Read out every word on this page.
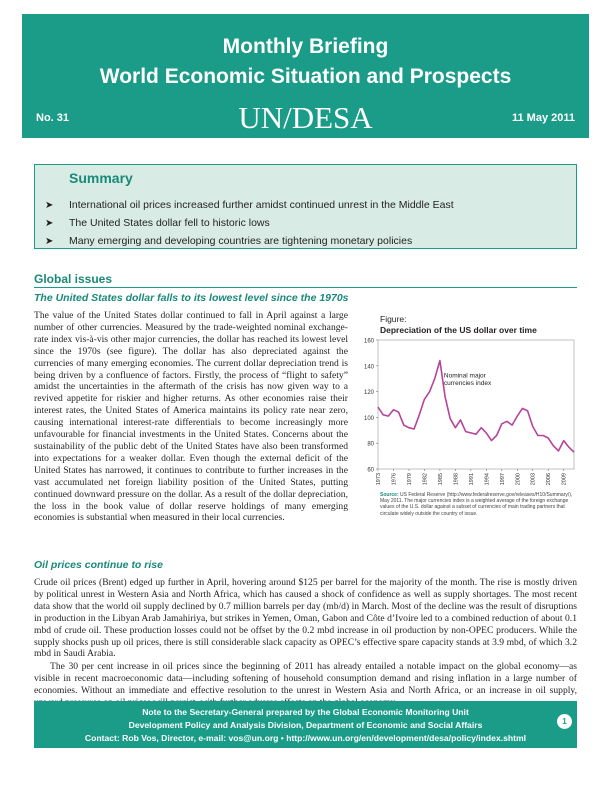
Monthly Briefing
World Economic Situation and Prospects
No. 31	UN/DESA	11 May 2011
Summary
➤ International oil prices increased further amidst continued unrest in the Middle East
➤ The United States dollar fell to historic lows
➤ Many emerging and developing countries are tightening monetary policies
Global issues
The United States dollar falls to its lowest level since the 1970s
The value of the United States dollar continued to fall in April against a large number of other currencies. Measured by the trade-weighted nominal exchange-rate index vis-à-vis other major currencies, the dollar has reached its lowest level since the 1970s (see figure). The dollar has also depreciated against the currencies of many emerging economies. The current dollar depreciation trend is being driven by a confluence of factors. Firstly, the process of “flight to safety” amidst the uncertainties in the aftermath of the crisis has now given way to a revived appetite for riskier and higher returns. As other economies raise their interest rates, the United States of America maintains its policy rate near zero, causing international interest-rate differentials to become increasingly more unfavourable for financial investments in the United States. Concerns about the sustainability of the public debt of the United States have also been transformed into expectations for a weaker dollar. Even though the external deficit of the United States has narrowed, it continues to contribute to further increases in the vast accumulated net foreign liability position of the United States, putting continued downward pressure on the dollar. As a result of the dollar depreciation, the loss in the book value of dollar reserve holdings of many emerging economies is substantial when measured in their local currencies.
Figure:
Depreciation of the US dollar over time
60
80
100
120
140
160
1973 1976 1979 1982 1985 1988 1991 1994 1997 2000 2003 2006 2009
Nominal major currencies index
Source: US Federal Reserve (http://www.federalreserve.gov/releases/H10/Summary/), May 2011. The major currencies index is a weighted average of the foreign exchange values of the U.S. dollar against a subset of currencies of main trading partners that circulate widely outside the country of issue.
Oil prices continue to rise
Crude oil prices (Brent) edged up further in April, hovering around $125 per barrel for the majority of the month. The rise is mostly driven by political unrest in Western Asia and North Africa, which has caused a shock of confidence as well as supply shortages. The most recent data show that the world oil supply declined by 0.7 million barrels per day (mb/d) in March. Most of the decline was the result of disruptions in production in the Libyan Arab Jamahiriya, but strikes in Yemen, Oman, Gabon and Côte d’Ivoire led to a combined reduction of about 0.1 mbd of crude oil. These production losses could not be offset by the 0.2 mbd increase in oil production by non-OPEC producers. While the supply shocks push up oil prices, there is still considerable slack capacity as OPEC’s effective spare capacity stands at 3.9 mbd, of which 3.2 mbd in Saudi Arabia.
The 30 per cent increase in oil prices since the beginning of 2011 has already entailed a notable impact on the global economy—as visible in recent macroeconomic data—including softening of household consumption demand and rising inflation in a large number of economies. Without an immediate and effective resolution to the unrest in Western Asia and North Africa, or an increase in oil supply,
Note to the Secretary-General prepared by the Global Economic Monitoring Unit
Development Policy and Analysis Division, Department of Economic and Social Affairs
Contact: Rob Vos, Director, e-mail: vos@un.org • http://www.un.org/en/development/desa/policy/index.shtml
1
